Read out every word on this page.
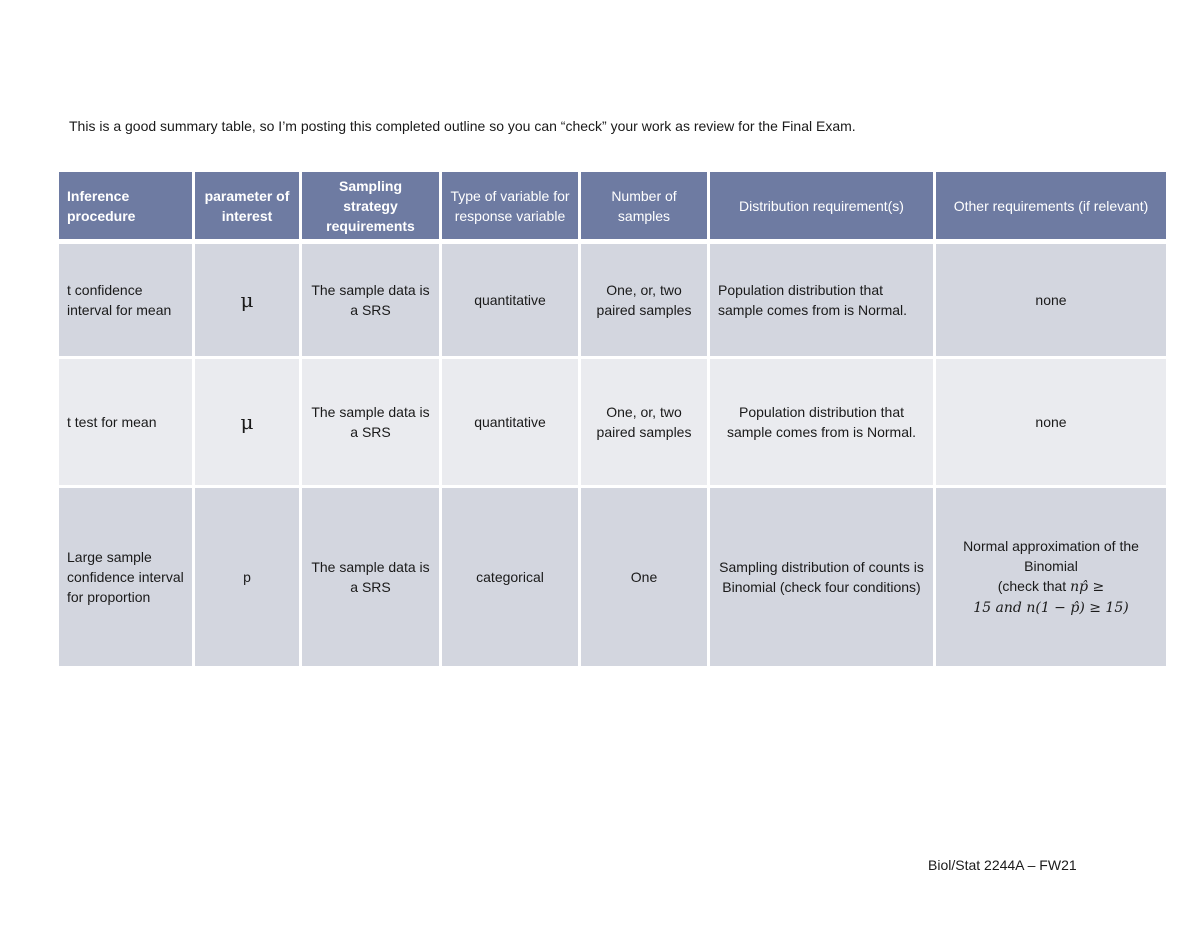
This is a good summary table, so I’m posting this completed outline so you can “check” your work as review for the Final Exam.
Inference procedure	parameter of interest	Sampling strategy requirements	Type of variable for response variable	Number of samples	Distribution requirement(s)	Other requirements (if relevant)
t confidence interval for mean	μ	The sample data is a SRS	quantitative	One, or, two paired samples	Population distribution that sample comes from is Normal.	none
t test for mean	μ	The sample data is a SRS	quantitative	One, or, two paired samples	Population distribution that sample comes from is Normal.	none
Large sample confidence interval for proportion	p	The sample data is a SRS	categorical	One	Sampling distribution of counts is Binomial (check four conditions)	Normal approximation of the Binomial
(check that np̂ ≥
15 and n(1 − p̂) ≥ 15)
Biol/Stat 2244A – FW21
